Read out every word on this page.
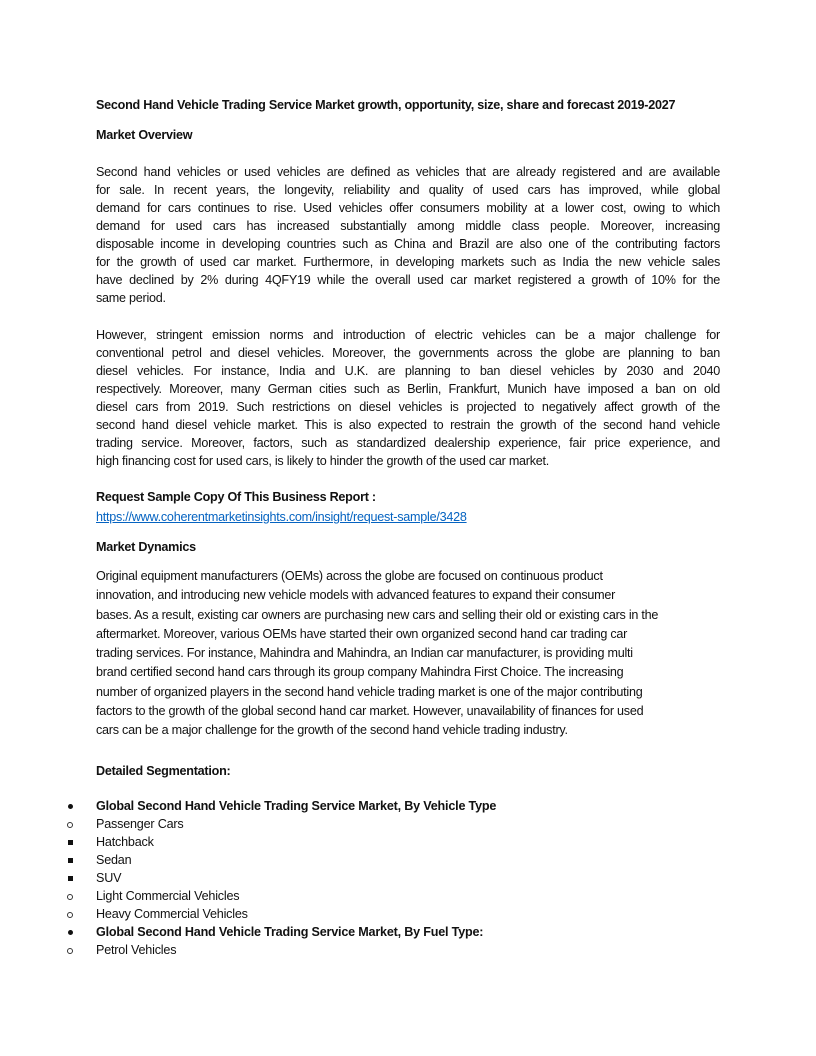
Second Hand Vehicle Trading Service Market growth, opportunity, size, share and forecast 2019-2027
Market Overview
Second hand vehicles or used vehicles are defined as vehicles that are already registered and are available
for sale. In recent years, the longevity, reliability and quality of used cars has improved, while global
demand for cars continues to rise. Used vehicles offer consumers mobility at a lower cost, owing to which
demand for used cars has increased substantially among middle class people. Moreover, increasing
disposable income in developing countries such as China and Brazil are also one of the contributing factors
for the growth of used car market. Furthermore, in developing markets such as India the new vehicle sales
have declined by 2% during 4QFY19 while the overall used car market registered a growth of 10% for the
same period.
However, stringent emission norms and introduction of electric vehicles can be a major challenge for
conventional petrol and diesel vehicles. Moreover, the governments across the globe are planning to ban
diesel vehicles. For instance, India and U.K. are planning to ban diesel vehicles by 2030 and 2040
respectively. Moreover, many German cities such as Berlin, Frankfurt, Munich have imposed a ban on old
diesel cars from 2019. Such restrictions on diesel vehicles is projected to negatively affect growth of the
second hand diesel vehicle market. This is also expected to restrain the growth of the second hand vehicle
trading service. Moreover, factors, such as standardized dealership experience, fair price experience, and
high financing cost for used cars, is likely to hinder the growth of the used car market.
Request Sample Copy Of This Business Report :
https://www.coherentmarketinsights.com/insight/request-sample/3428
Market Dynamics
Original equipment manufacturers (OEMs) across the globe are focused on continuous product
innovation, and introducing new vehicle models with advanced features to expand their consumer
bases. As a result, existing car owners are purchasing new cars and selling their old or existing cars in the
aftermarket. Moreover, various OEMs have started their own organized second hand car trading car
trading services. For instance, Mahindra and Mahindra, an Indian car manufacturer, is providing multi
brand certified second hand cars through its group company Mahindra First Choice. The increasing
number of organized players in the second hand vehicle trading market is one of the major contributing
factors to the growth of the global second hand car market. However, unavailability of finances for used
cars can be a major challenge for the growth of the second hand vehicle trading industry.
Detailed Segmentation:
Global Second Hand Vehicle Trading Service Market, By Vehicle Type
Passenger Cars
Hatchback
Sedan
SUV
Light Commercial Vehicles
Heavy Commercial Vehicles
Global Second Hand Vehicle Trading Service Market, By Fuel Type:
Petrol Vehicles
